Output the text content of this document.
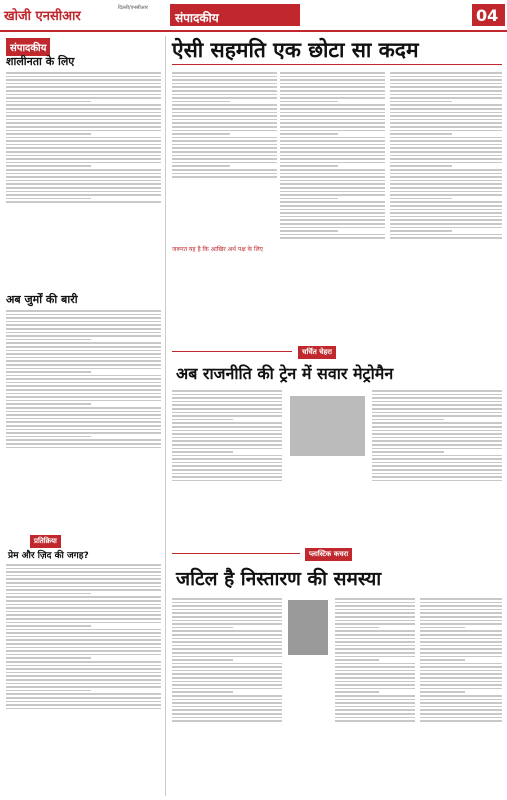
खोजी एनसीआर
दिल्ली/एनसीआर
संपादकीय	04
संपादकीय
शालीनता के लिए
अब जुर्मों की बारी
प्रतिक्रिया
प्रेम और ज़िद की जगह?
ऐसी सहमति एक छोटा सा कदम
जरूरत यह है कि आखिर अर्थ पक्ष के लिए
चर्चित चेहरा
अब राजनीति की ट्रेन में सवार मेट्रोमैन
प्लास्टिक कचरा
जटिल है निस्तारण की समस्या
